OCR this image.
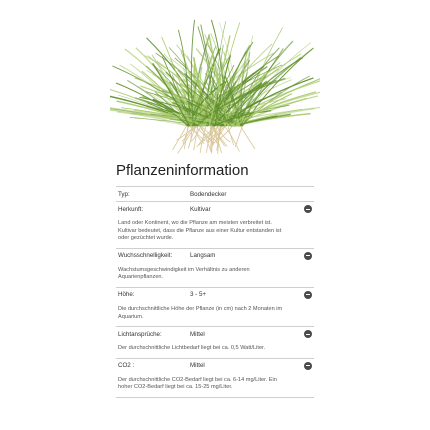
Pflanzeninformation
Typ:	Bodendecker
Herkunft:	Kultivar
Land oder Kontinent, wo die Pflanze am meisten verbreitet ist. Kultivar bedeutet, dass die Pflanze aus einer Kultur entstanden ist oder gezüchtet wurde.
Wuchsschnelligkeit:	Langsam
Wachstumsgeschwindigkeit im Verhältnis zu anderen Aquarienpflanzen.
Höhe:	3 - 5+
Die durchschnittliche Höhe der Pflanze (in cm) nach 2 Monaten im Aquarium.
Lichtansprüche:	Mittel
Der durchschnittliche Lichtbedarf liegt bei ca. 0,5 Watt/Liter.
CO2 :	Mittel
Der durchschnittliche CO2-Bedarf liegt bei ca. 6-14 mg/Liter. Ein hoher CO2-Bedarf liegt bei ca. 15-25 mg/Liter.
